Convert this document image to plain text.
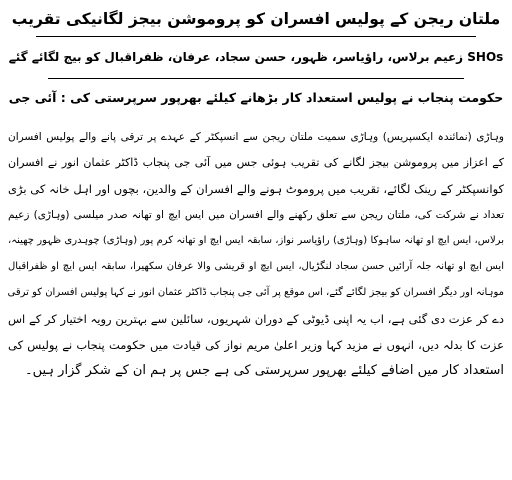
ملتان ریجن کے پولیس افسران کو پروموشن بیجز لگانیکی تقریب
SHOs زعیم برلاس، راؤیاسر، ظہور، حسن سجاد، عرفان، ظفراقبال کو بیج لگائے گئے
حکومت پنجاب نے پولیس استعداد کار بڑھانے کیلئے بھرپور سرپرستی کی : آئی جی
وہاڑی (نمائندہ ایکسپریس) وہاڑی سمیت ملتان ریجن سے انسپکٹر کے عہدے پر ترقی پانے والے پولیس افسران
کے اعزاز میں پروموشن بیجز لگانے کی تقریب ہوئی جس میں آئی جی پنجاب ڈاکٹر عثمان انور نے افسران
کوانسپکٹر کے رینک لگائے، تقریب میں پروموٹ ہونے والے افسران کے والدین، بچوں اور اہل خانہ کی بڑی
تعداد نے شرکت کی، ملتان ریجن سے تعلق رکھنے والے افسران میں ایس ایچ او تھانہ صدر میلسی (وہاڑی) زعیم
برلاس، ایس ایچ او تھانہ ساہوکا (وہاڑی) راؤیاسر نواز، سابقہ ایس ایچ او تھانہ کرم پور (وہاڑی) چوہدری ظہور چھینہ،
ایس ایچ او تھانہ جلہ آرائیں حسن سجاد لنگڑیال، ایس ایچ او قریشی والا عرفان سکھیرا، سابقہ ایس ایچ او ظفراقبال
موہانہ اور دیگر افسران کو بیجز لگائے گئے، اس موقع پر آئی جی پنجاب ڈاکٹر عثمان انور نے کہا پولیس افسران کو ترقی
دے کر عزت دی گئی ہے، اب یہ اپنی ڈیوٹی کے دوران شہریوں، سائلین سے بہترین رویہ اختیار کر کے اس
عزت کا بدلہ دیں، انہوں نے مزید کہا وزیر اعلیٰ مریم نواز کی قیادت میں حکومت پنجاب نے پولیس کی
استعداد کار میں اضافے کیلئے بھرپور سرپرستی کی ہے جس پر ہم ان کے شکر گزار ہیں۔
